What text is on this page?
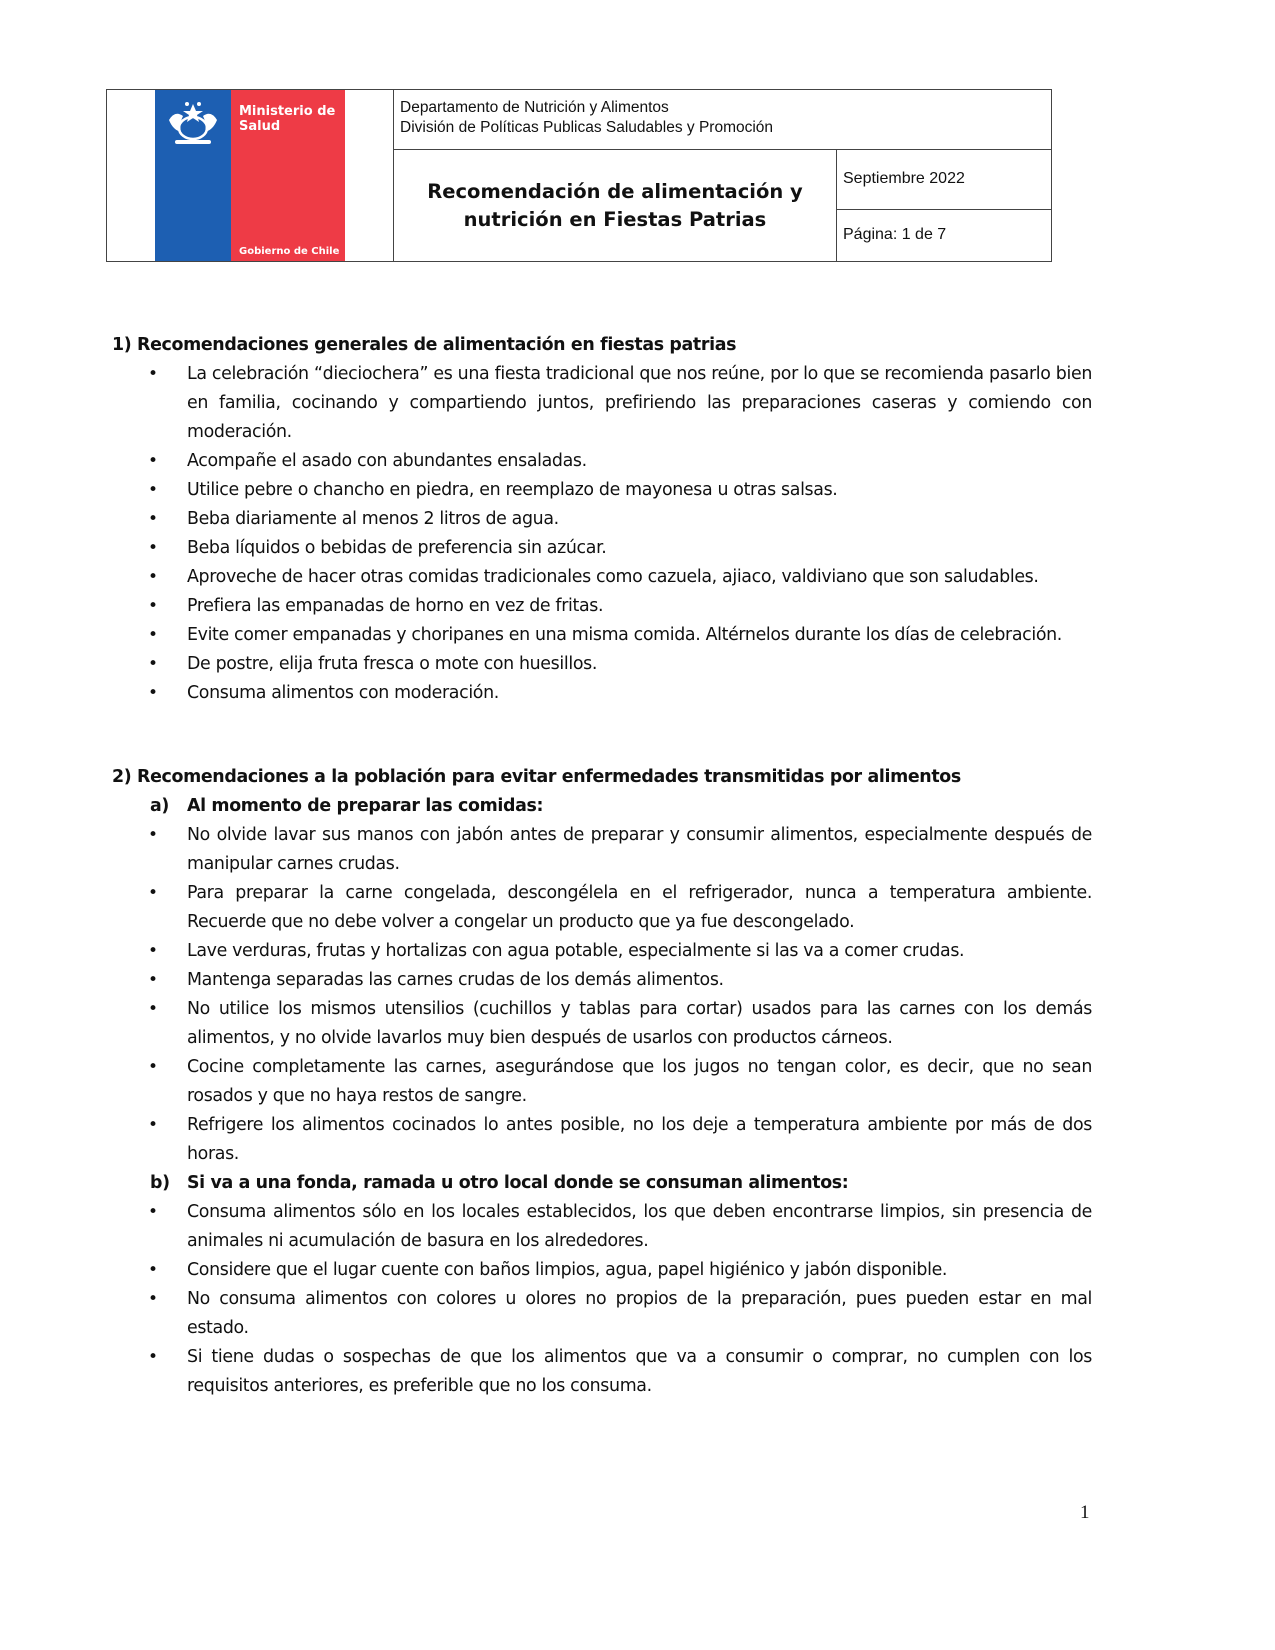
Ministerio de
Salud
Gobierno de Chile
Departamento de Nutrición y Alimentos
División de Políticas Publicas Saludables y Promoción
Recomendación de alimentación y
nutrición en Fiestas Patrias
Septiembre 2022
Página: 1 de 7

1) Recomendaciones generales de alimentación en fiestas patrias

• La celebración “dieciochera” es una fiesta tradicional que nos reúne, por lo que se recomienda pasarlo bien en familia, cocinando y compartiendo juntos, prefiriendo las preparaciones caseras y comiendo con moderación.
• Acompañe el asado con abundantes ensaladas.
• Utilice pebre o chancho en piedra, en reemplazo de mayonesa u otras salsas.
• Beba diariamente al menos 2 litros de agua.
• Beba líquidos o bebidas de preferencia sin azúcar.
• Aproveche de hacer otras comidas tradicionales como cazuela, ajiaco, valdiviano que son saludables.
• Prefiera las empanadas de horno en vez de fritas.
• Evite comer empanadas y choripanes en una misma comida. Altérnelos durante los días de celebración.
• De postre, elija fruta fresca o mote con huesillos.
• Consuma alimentos con moderación.

2) Recomendaciones a la población para evitar enfermedades transmitidas por alimentos

a)	Al momento de preparar las comidas:
• No olvide lavar sus manos con jabón antes de preparar y consumir alimentos, especialmente después de manipular carnes crudas.
• Para preparar la carne congelada, descongélela en el refrigerador, nunca a temperatura ambiente. Recuerde que no debe volver a congelar un producto que ya fue descongelado.
• Lave verduras, frutas y hortalizas con agua potable, especialmente si las va a comer crudas.
• Mantenga separadas las carnes crudas de los demás alimentos.
• No utilice los mismos utensilios (cuchillos y tablas para cortar) usados para las carnes con los demás alimentos, y no olvide lavarlos muy bien después de usarlos con productos cárneos.
• Cocine completamente las carnes, asegurándose que los jugos no tengan color, es decir, que no sean rosados y que no haya restos de sangre.
• Refrigere los alimentos cocinados lo antes posible, no los deje a temperatura ambiente por más de dos horas.
b) Si va a una fonda, ramada u otro local donde se consuman alimentos:
• Consuma alimentos sólo en los locales establecidos, los que deben encontrarse limpios, sin presencia de animales ni acumulación de basura en los alrededores.
• Considere que el lugar cuente con baños limpios, agua, papel higiénico y jabón disponible.
• No consuma alimentos con colores u olores no propios de la preparación, pues pueden estar en mal estado.
• Si tiene dudas o sospechas de que los alimentos que va a consumir o comprar, no cumplen con los requisitos anteriores, es preferible que no los consuma.
1
